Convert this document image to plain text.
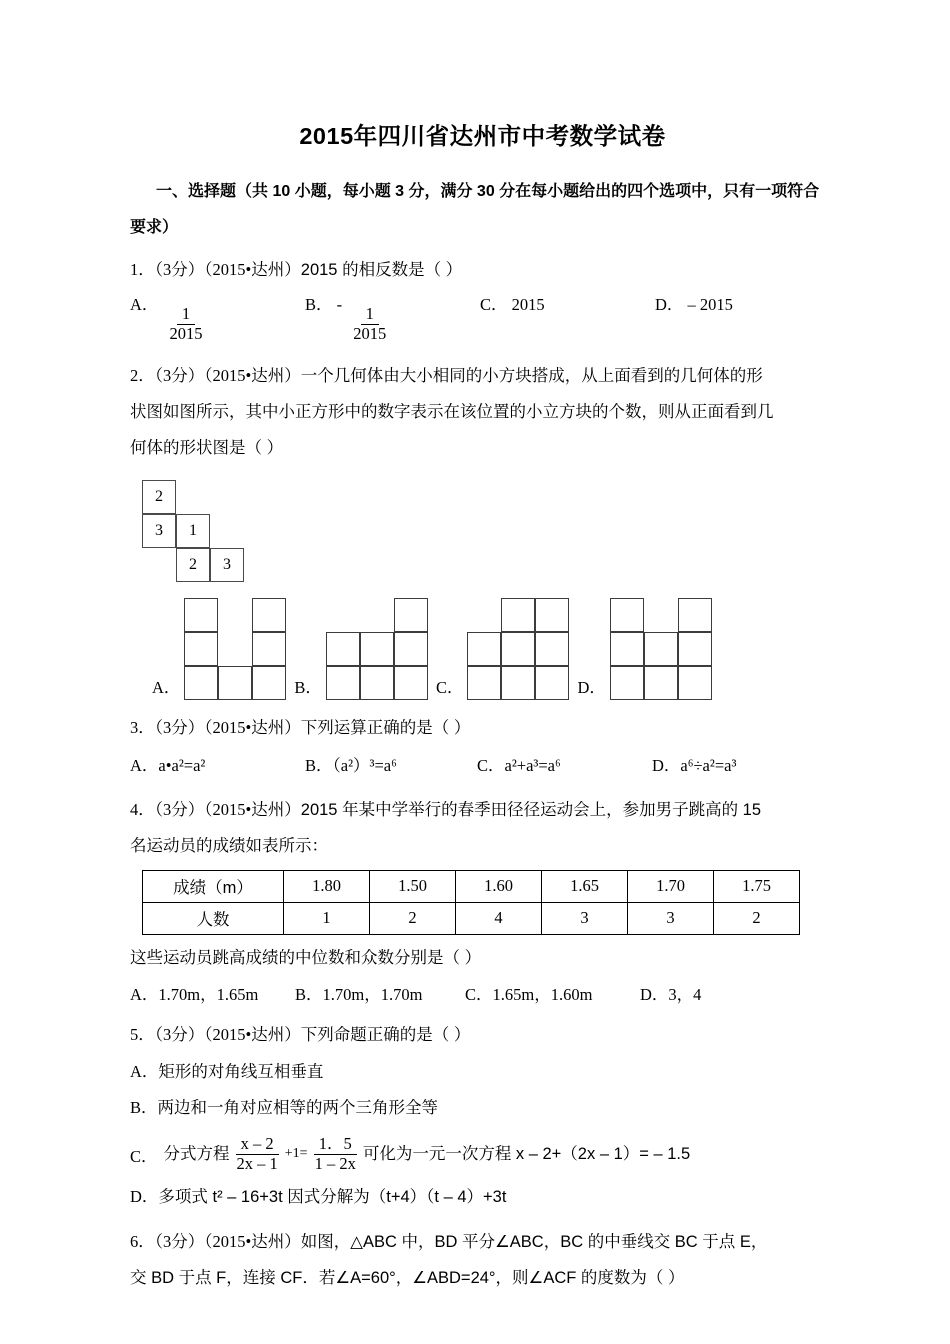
2015年四川省达州市中考数学试卷
一、选择题（共 10 小题，每小题 3 分，满分 30 分在每小题给出的四个选项中，只有一项符合要求）
1．（3分）（2015•达州）2015 的相反数是（ ）
A．
$\frac{1}{2015}$
B． -
$\frac{1}{2015}$
C． 2015	D． – 2015
2．（3分）（2015•达州）一个几何体由大小相同的小方块搭成，从上面看到的几何体的形
状图如图所示，其中小正方形中的数字表示在该位置的小立方块的个数，则从正面看到几
何体的形状图是（ ）
2
3 1
2 3
A．	B．	C．	D．
3．（3分）（2015•达州）下列运算正确的是（ ）
A．a•a²=a²	B．（a²）³=a⁶	C．a²+a³=a⁶	D．a⁶÷a²=a³
4．（3分）（2015•达州）2015 年某中学举行的春季田径径运动会上，参加男子跳高的 15
名运动员的成绩如表所示：
成绩（m）	1.80	1.50	1.60	1.65	1.70	1.75
人数	1	2	4	3	3	2
这些运动员跳高成绩的中位数和众数分别是（ ）
A．1.70m，1.65m	B．1.70m，1.70m	C．1.65m，1.60m	D．3，4
5．（3分）（2015•达州）下列命题正确的是（ ）
A．矩形的对角线互相垂直
B．两边和一角对应相等的两个三角形全等
C． 分式方程 $\frac{x - 2}{2x - 1} +1= \frac{1.5}{1 - 2x}$ 可化为一元一次方程 x – 2+（2x – 1）= – 1.5
D．多项式 t² – 16+3t 因式分解为（t+4）（t – 4）+3t
6．（3分）（2015•达州）如图，△ABC 中，BD 平分∠ABC，BC 的中垂线交 BC 于点 E，
交 BD 于点 F，连接 CF．若∠A=60°，∠ABD=24°，则∠ACF 的度数为（ ）
